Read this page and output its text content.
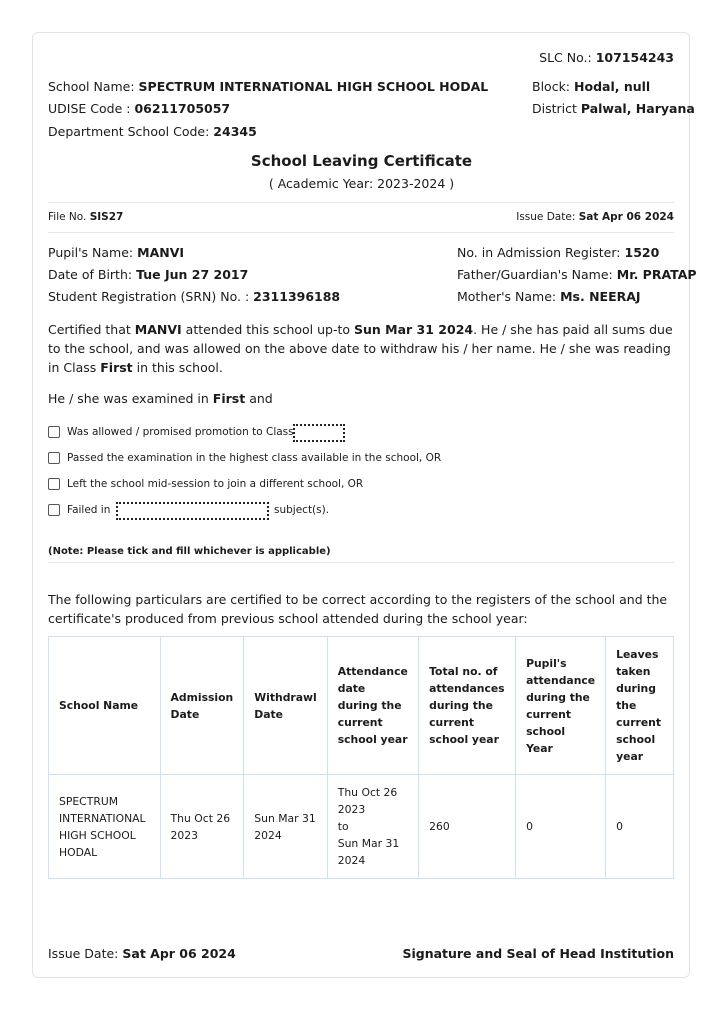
SLC No.: 107154243
School Name: SPECTRUM INTERNATIONAL HIGH SCHOOL HODAL
UDISE Code : 06211705057
Department School Code: 24345
Block: Hodal, null
District Palwal, Haryana
School Leaving Certificate
( Academic Year: 2023-2024 )
File No. SIS27	Issue Date: Sat Apr 06 2024
Pupil's Name: MANVI
Date of Birth: Tue Jun 27 2017
Student Registration (SRN) No. : 2311396188
No. in Admission Register: 1520
Father/Guardian's Name: Mr. PRATAP
Mother's Name: Ms. NEERAJ
Certified that MANVI attended this school up-to Sun Mar 31 2024. He / she has paid all sums due to the school, and was allowed on the above date to withdraw his / her name. He / she was reading in Class First in this school.
He / she was examined in First and
Was allowed / promised promotion to Class
Passed the examination in the highest class available in the school, OR
Left the school mid-session to join a different school, OR
Failed in	subject(s).
(Note: Please tick and fill whichever is applicable)
The following particulars are certified to be correct according to the registers of the school and the certificate's produced from previous school attended during the school year:
School Name	Admission Date	Withdrawl Date	Attendance date during the current school year	Total no. of attendances during the current school year	Pupil's attendance during the current school Year	Leaves taken during the current school year
SPECTRUM INTERNATIONAL HIGH SCHOOL HODAL	Thu Oct 26 2023	Sun Mar 31 2024	Thu Oct 26 2023
to
Sun Mar 31 2024	260	0	0
Issue Date: Sat Apr 06 2024	Signature and Seal of Head Institution
